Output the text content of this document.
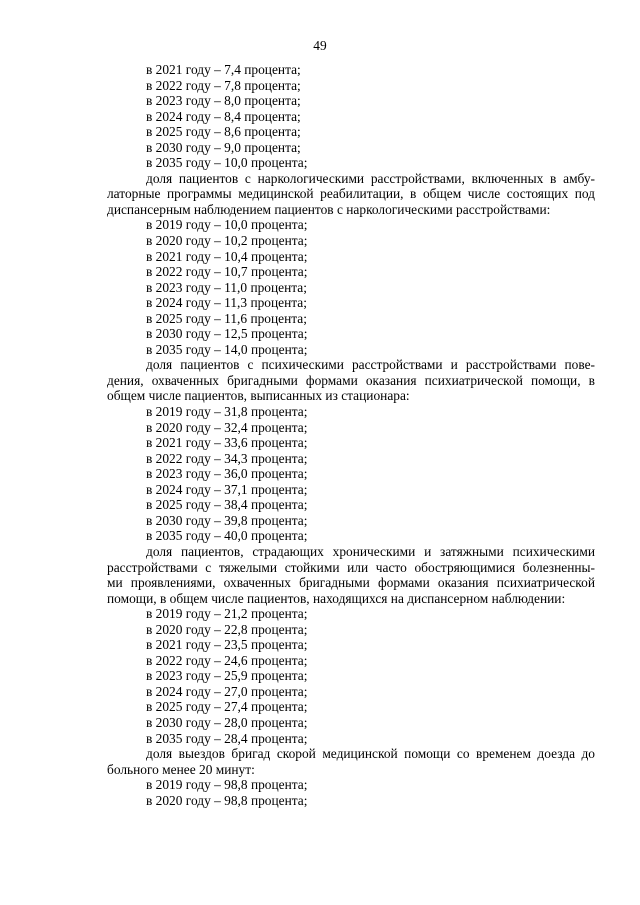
49
в 2021 году – 7,4 процента;
в 2022 году – 7,8 процента;
в 2023 году – 8,0 процента;
в 2024 году – 8,4 процента;
в 2025 году – 8,6 процента;
в 2030 году – 9,0 процента;
в 2035 году – 10,0 процента;
доля пациентов с наркологическими расстройствами, включенных в амбу-
латорные программы медицинской реабилитации, в общем числе состоящих под
диспансерным наблюдением пациентов с наркологическими расстройствами:
в 2019 году – 10,0 процента;
в 2020 году – 10,2 процента;
в 2021 году – 10,4 процента;
в 2022 году – 10,7 процента;
в 2023 году – 11,0 процента;
в 2024 году – 11,3 процента;
в 2025 году – 11,6 процента;
в 2030 году – 12,5 процента;
в 2035 году – 14,0 процента;
доля пациентов с психическими расстройствами и расстройствами пове-
дения, охваченных бригадными формами оказания психиатрической помощи, в
общем числе пациентов, выписанных из стационара:
в 2019 году – 31,8 процента;
в 2020 году – 32,4 процента;
в 2021 году – 33,6 процента;
в 2022 году – 34,3 процента;
в 2023 году – 36,0 процента;
в 2024 году – 37,1 процента;
в 2025 году – 38,4 процента;
в 2030 году – 39,8 процента;
в 2035 году – 40,0 процента;
доля пациентов, страдающих хроническими и затяжными психическими
расстройствами с тяжелыми стойкими или часто обостряющимися болезненны-
ми проявлениями, охваченных бригадными формами оказания психиатрической
помощи, в общем числе пациентов, находящихся на диспансерном наблюдении:
в 2019 году – 21,2 процента;
в 2020 году – 22,8 процента;
в 2021 году – 23,5 процента;
в 2022 году – 24,6 процента;
в 2023 году – 25,9 процента;
в 2024 году – 27,0 процента;
в 2025 году – 27,4 процента;
в 2030 году – 28,0 процента;
в 2035 году – 28,4 процента;
доля выездов бригад скорой медицинской помощи со временем доезда до
больного менее 20 минут:
в 2019 году – 98,8 процента;
в 2020 году – 98,8 процента;
